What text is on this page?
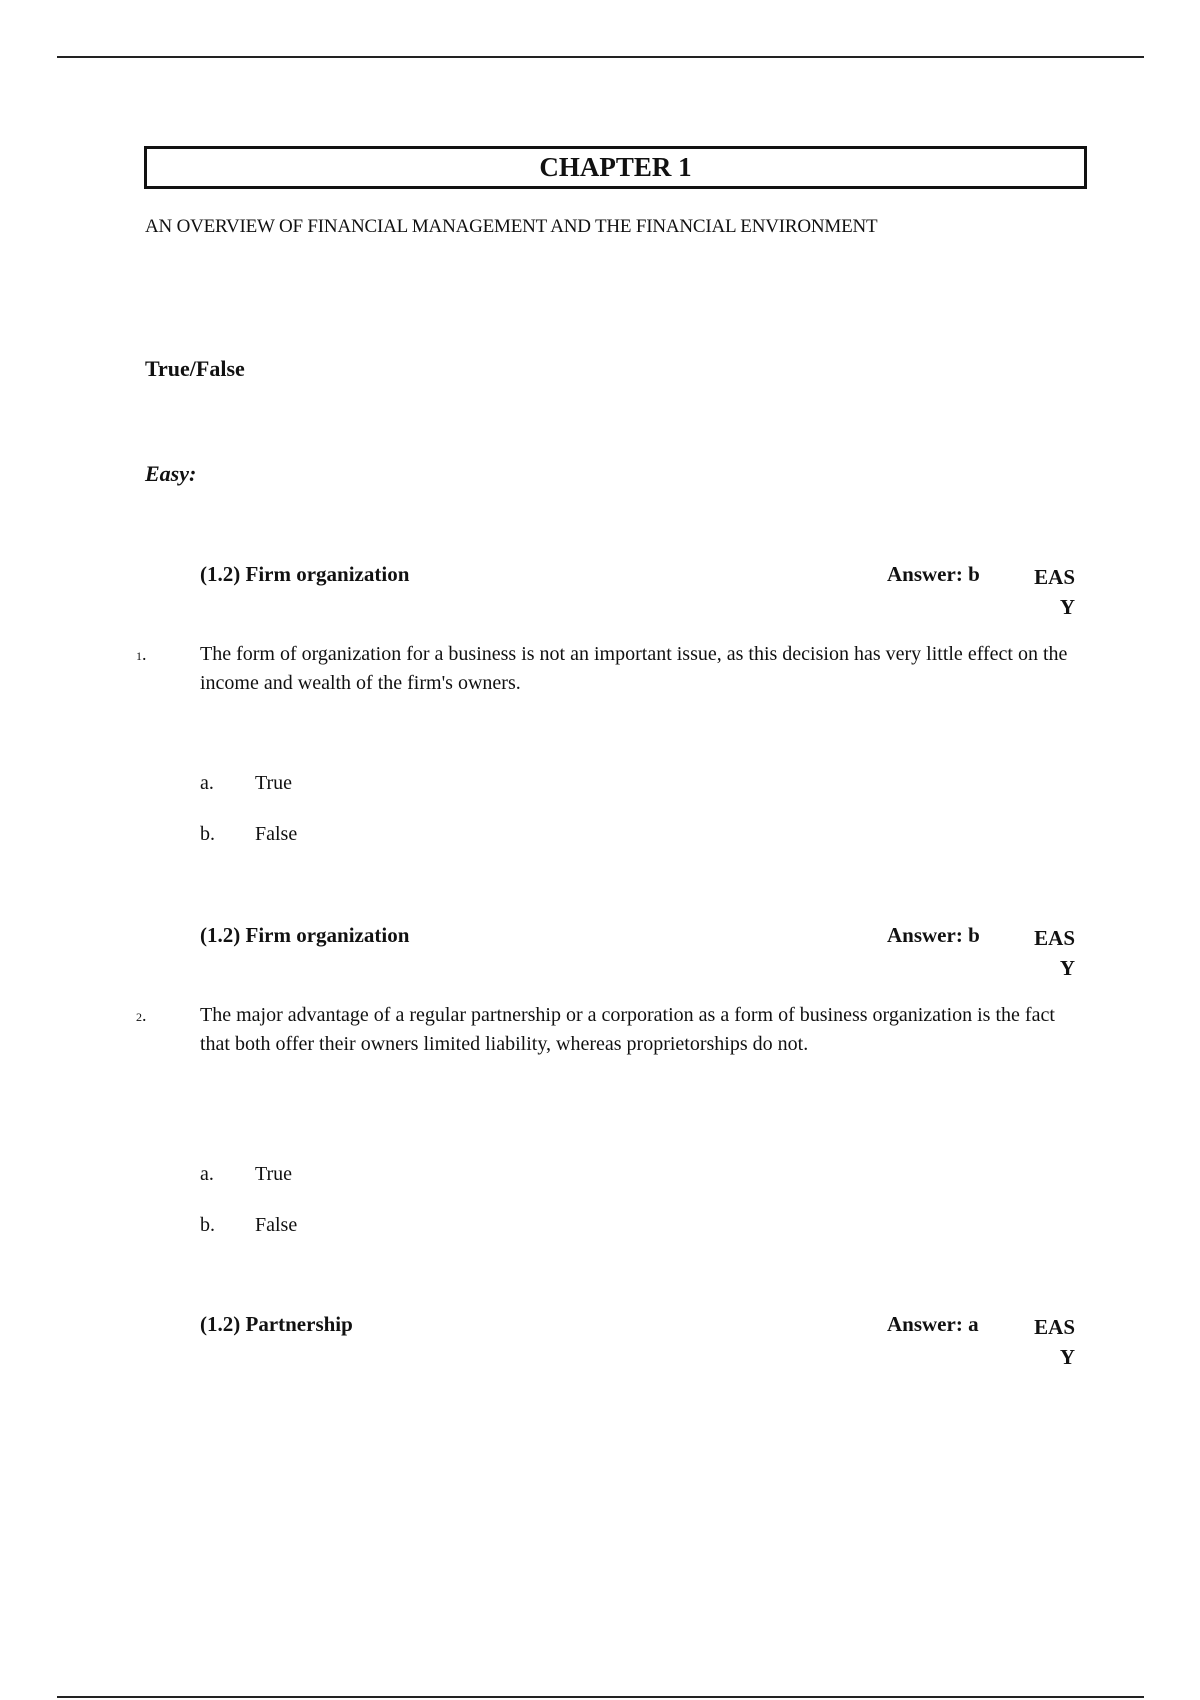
CHAPTER 1
AN OVERVIEW OF FINANCIAL MANAGEMENT AND THE FINANCIAL ENVIRONMENT
True/False
Easy:
(1.2) Firm organization	Answer: b	EASY
1.	The form of organization for a business is not an important issue, as this decision has very little effect on the income and wealth of the firm's owners.
a. True
b. False
(1.2) Firm organization	Answer: b	EASY
2.	The major advantage of a regular partnership or a corporation as a form of business organization is the fact that both offer their owners limited liability, whereas proprietorships do not.
a. True
b. False
(1.2) Partnership	Answer: a	EASY
